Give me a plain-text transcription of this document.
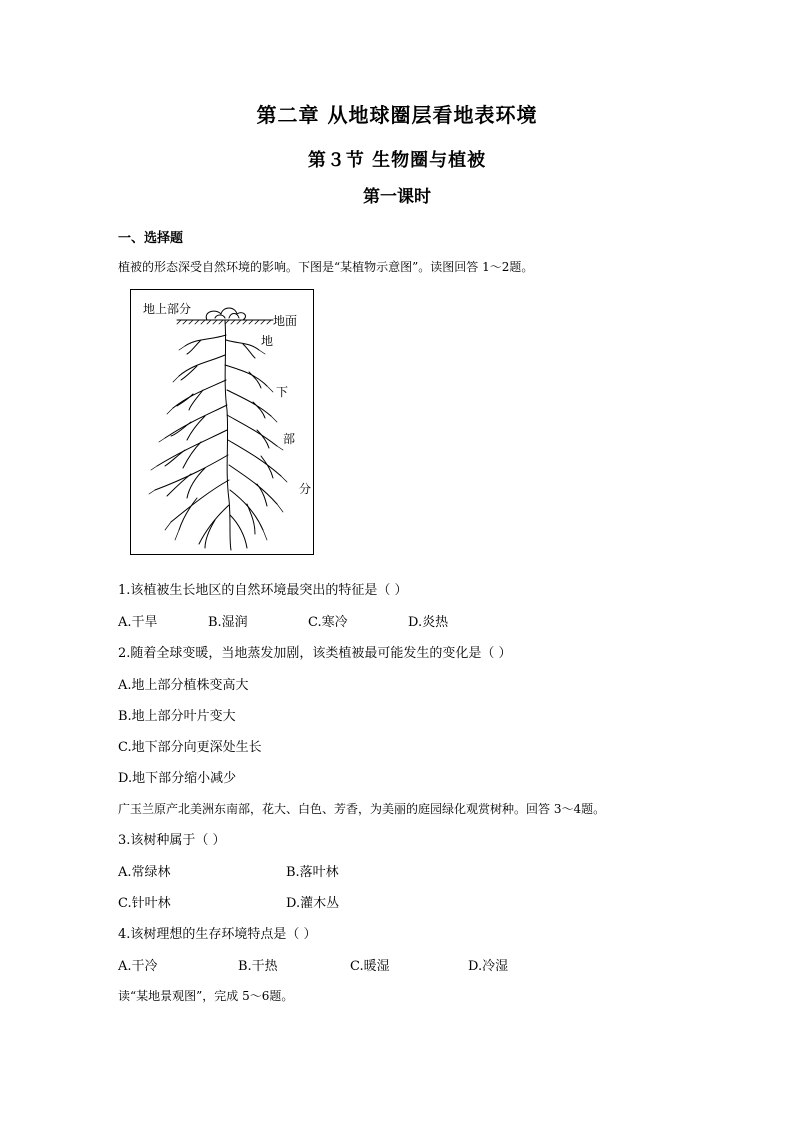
第二章 从地球圈层看地表环境
第３节 生物圈与植被
第一课时
一、选择题
植被的形态深受自然环境的影响。下图是“某植物示意图”。读图回答 1～2题。
地上部分
地面
地
下
部
分
1.该植被生长地区的自然环境最突出的特征是（ ）
A.干旱	B.湿润	C.寒冷	D.炎热
2.随着全球变暖，当地蒸发加剧，该类植被最可能发生的变化是（ ）
A.地上部分植株变高大
B.地上部分叶片变大
C.地下部分向更深处生长
D.地下部分缩小减少
广玉兰原产北美洲东南部，花大、白色、芳香，为美丽的庭园绿化观赏树种。回答 3～4题。
3.该树种属于（ ）
A.常绿林	B.落叶林
C.针叶林	D.灌木丛
4.该树理想的生存环境特点是（ ）
A.干冷	B.干热	C.暖湿	D.冷湿
读“某地景观图”，完成 5～6题。
